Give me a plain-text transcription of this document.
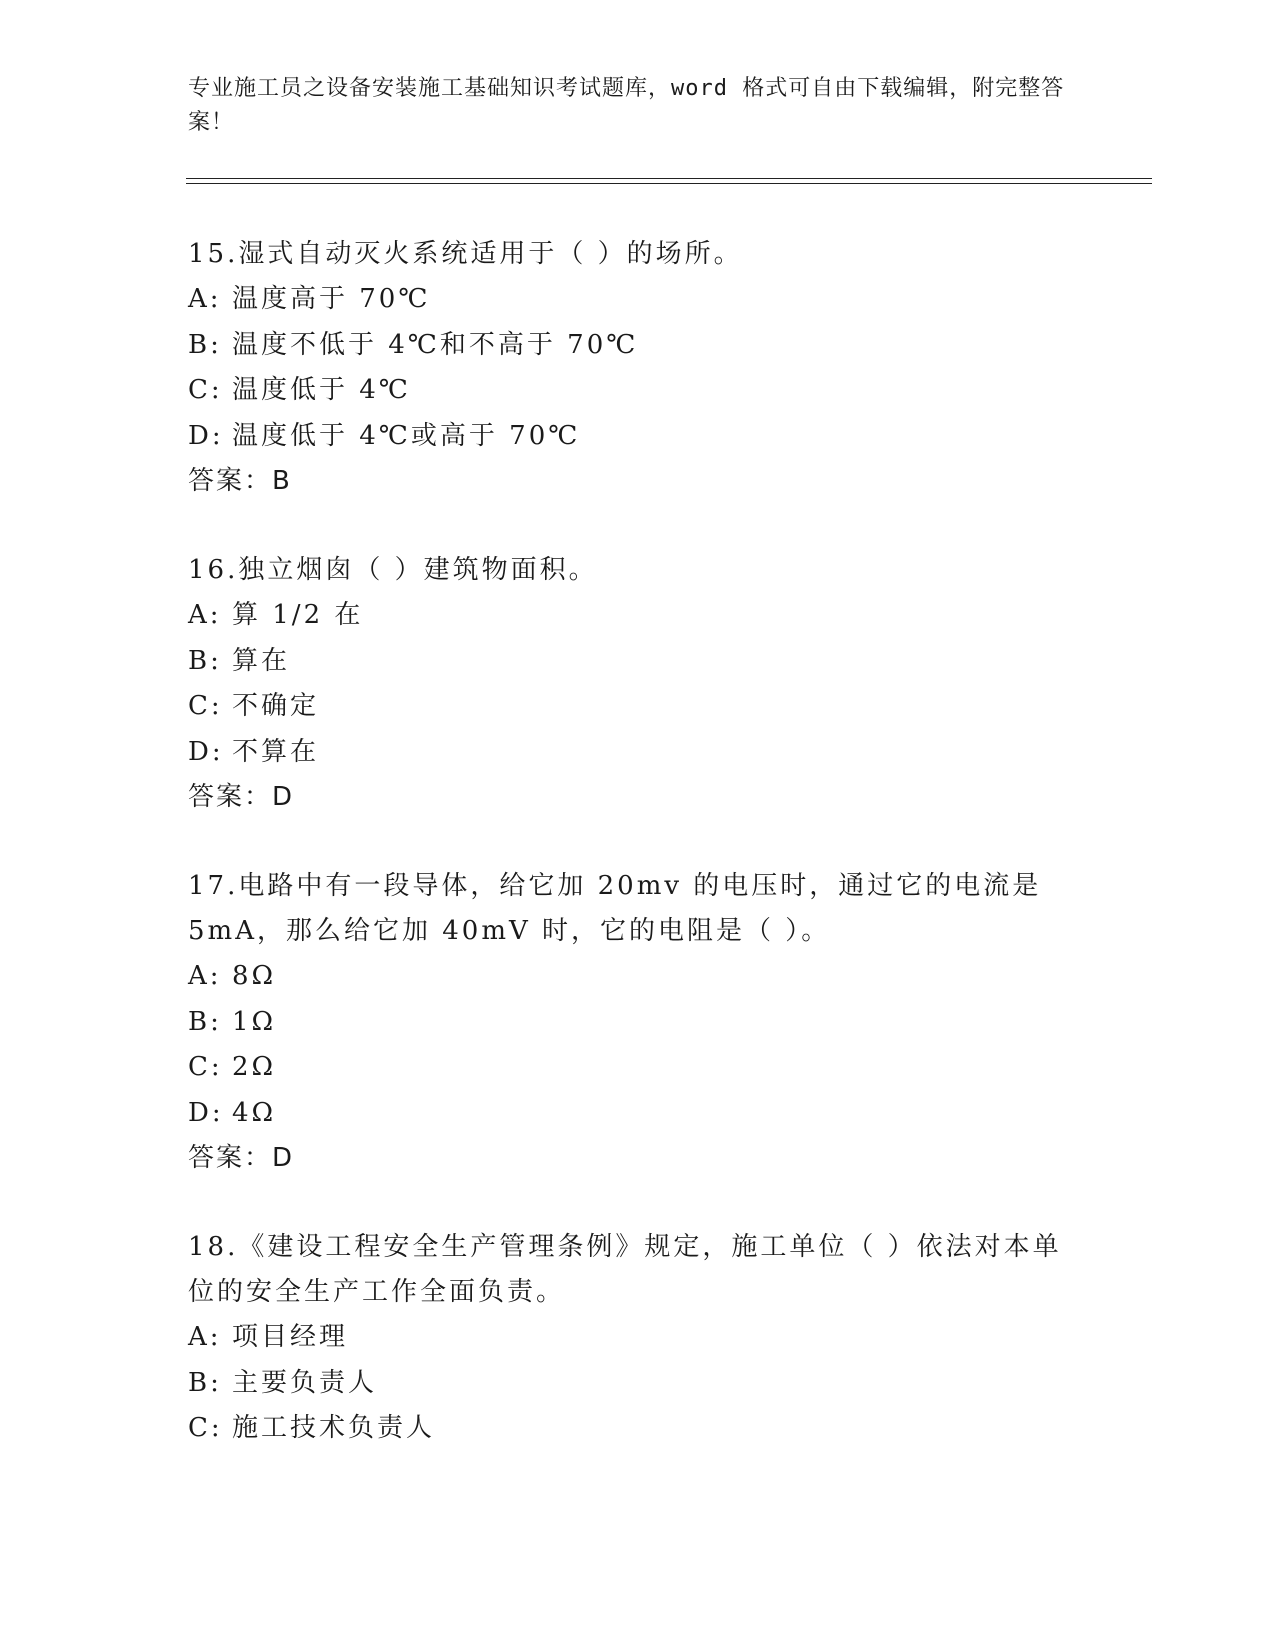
专业施工员之设备安装施工基础知识考试题库，word 格式可自由下载编辑，附完整答案！
15.湿式自动灭火系统适用于（ ）的场所。
A: 温度高于 70℃
B: 温度不低于 4℃和不高于 70℃
C: 温度低于 4℃
D: 温度低于 4℃或高于 70℃
答案：B
16.独立烟囱（ ）建筑物面积。
A: 算 1/2 在
B: 算在
C: 不确定
D: 不算在
答案：D
17.电路中有一段导体，给它加 20mv 的电压时，通过它的电流是 5mA，那么给它加 40mV 时，它的电阻是（ ）。
A: 8Ω
B: 1Ω
C: 2Ω
D: 4Ω
答案：D
18.《建设工程安全生产管理条例》规定，施工单位（ ）依法对本单位的安全生产工作全面负责。
A: 项目经理
B: 主要负责人
C: 施工技术负责人
